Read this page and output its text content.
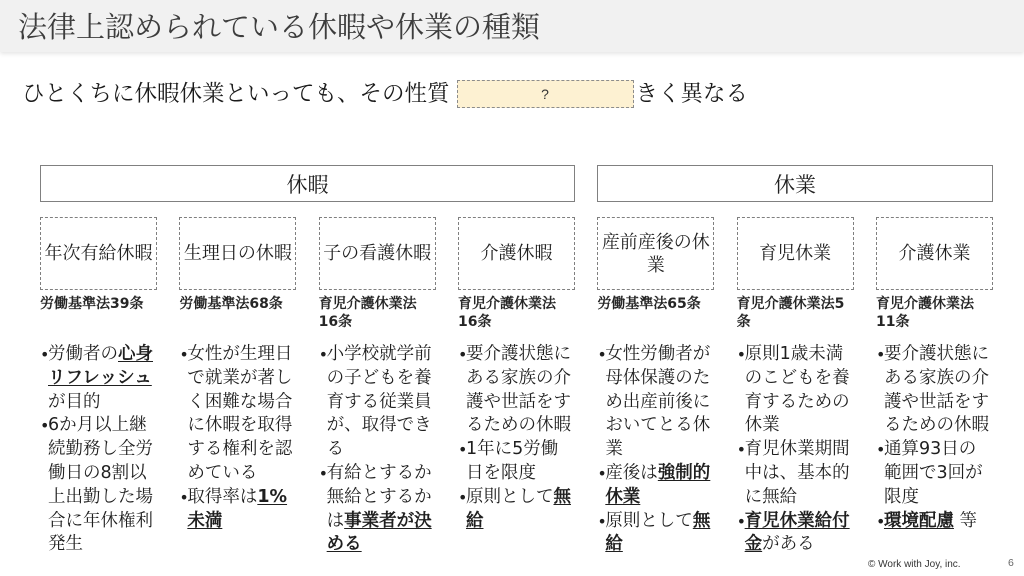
法律上認められている休暇や休業の種類
ひとくちに休暇休業といっても、その性質	?	きく異なる
休暇	休業
年次有給休暇
労働基準法39条
• 労働者の心身リフレッシュが目的
• 6か月以上継続勤務し全労働日の8割以上出勤した場合に年休権利発生
生理日の休暇
労働基準法68条
• 女性が生理日で就業が著しく困難な場合に休暇を取得する権利を認めている
• 取得率は1%未満
子の看護休暇
育児介護休業法16条
• 小学校就学前の子どもを養育する従業員が、取得できる
• 有給とするか無給とするかは事業者が決める
介護休暇
育児介護休業法16条
• 要介護状態にある家族の介護や世話をするための休暇
• 1年に5労働日を限度
• 原則として無給
産前産後の休業
労働基準法65条
• 女性労働者が母体保護のため出産前後においてとる休業
• 産後は強制的休業
• 原則として無給
育児休業
育児介護休業法5条
• 原則1歳未満のこどもを養育するための休業
• 育児休業期間中は、基本的に無給
• 育児休業給付金がある
介護休業
育児介護休業法11条
• 要介護状態にある家族の介護や世話をするための休暇
• 通算93日の範囲で3回が限度
• 環境配慮 等
© Work with Joy, inc.	6
